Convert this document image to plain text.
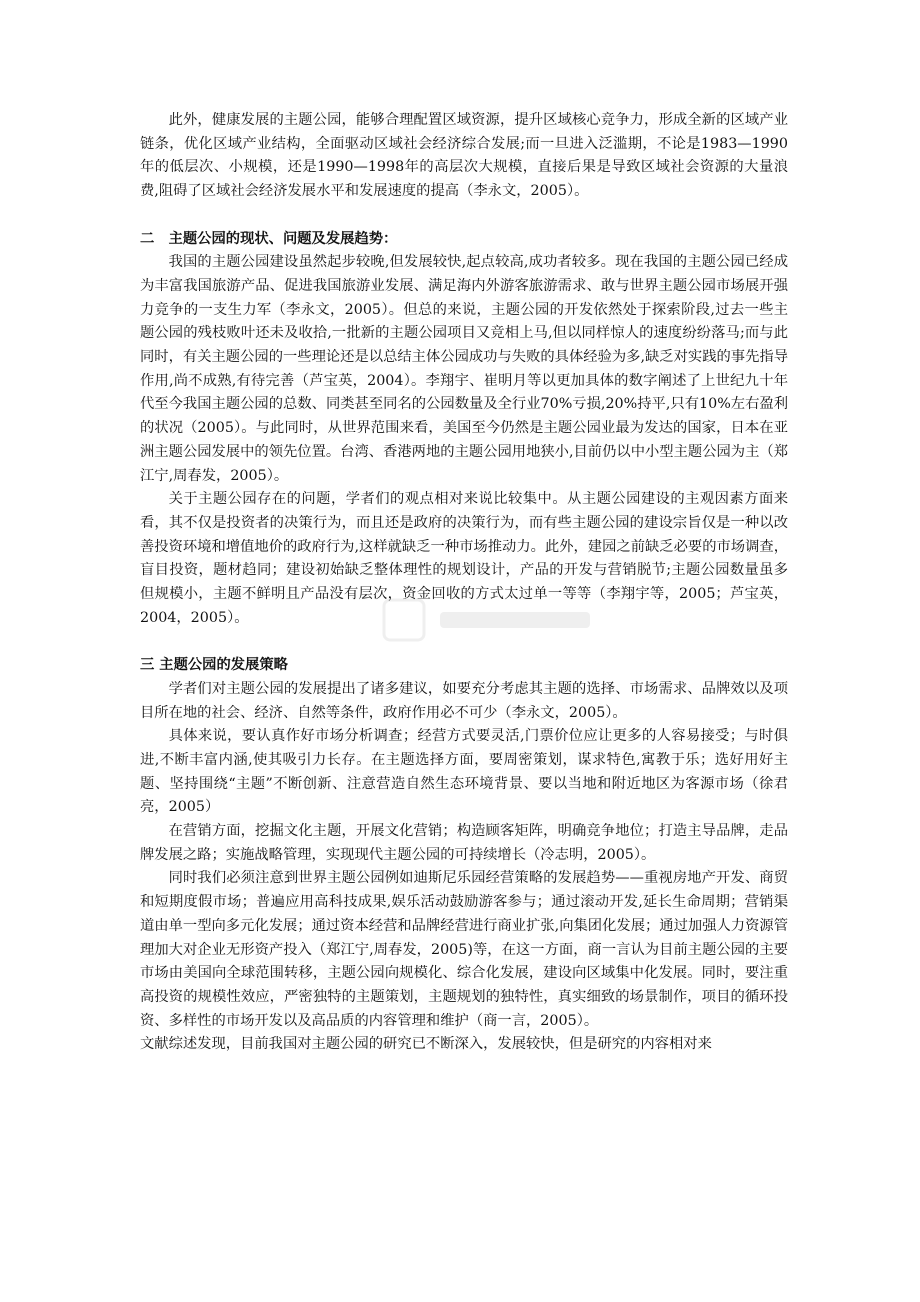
此外，健康发展的主题公园，能够合理配置区域资源，提升区域核心竞争力，形成全新的区域产业链条，优化区域产业结构，全面驱动区域社会经济综合发展;而一旦进入泛滥期，不论是1983—1990年的低层次、小规模，还是1990—1998年的高层次大规模，直接后果是导致区域社会资源的大量浪费,阻碍了区域社会经济发展水平和发展速度的提高（李永文，2005）。

二　主题公园的现状、问题及发展趋势：

我国的主题公园建设虽然起步较晚,但发展较快,起点较高,成功者较多。现在我国的主题公园已经成为丰富我国旅游产品、促进我国旅游业发展、满足海内外游客旅游需求、敢与世界主题公园市场展开强力竞争的一支生力军（李永文，2005）。但总的来说，主题公园的开发依然处于探索阶段,过去一些主题公园的残枝败叶还未及收拾,一批新的主题公园项目又竞相上马,但以同样惊人的速度纷纷落马;而与此同时，有关主题公园的一些理论还是以总结主体公园成功与失败的具体经验为多,缺乏对实践的事先指导作用,尚不成熟,有待完善（芦宝英，2004）。李翔宇、崔明月等以更加具体的数字阐述了上世纪九十年代至今我国主题公园的总数、同类甚至同名的公园数量及全行业70%亏损,20%持平,只有10%左右盈利的状况（2005）。与此同时，从世界范围来看，美国至今仍然是主题公园业最为发达的国家，日本在亚洲主题公园发展中的领先位置。台湾、香港两地的主题公园用地狭小,目前仍以中小型主题公园为主（郑江宁,周春发，2005）。

关于主题公园存在的问题，学者们的观点相对来说比较集中。从主题公园建设的主观因素方面来看，其不仅是投资者的决策行为，而且还是政府的决策行为，而有些主题公园的建设宗旨仅是一种以改善投资环境和增值地价的政府行为,这样就缺乏一种市场推动力。此外，建园之前缺乏必要的市场调查，盲目投资，题材趋同；建设初始缺乏整体理性的规划设计，产品的开发与营销脱节;主题公园数量虽多但规模小，主题不鲜明且产品没有层次，资金回收的方式太过单一等等（李翔宇等，2005；芦宝英，2004，2005）。

三 主题公园的发展策略

学者们对主题公园的发展提出了诸多建议，如要充分考虑其主题的选择、市场需求、品牌效以及项目所在地的社会、经济、自然等条件，政府作用必不可少（李永文，2005）。

具体来说，要认真作好市场分析调查；经营方式要灵活,门票价位应让更多的人容易接受；与时俱进,不断丰富内涵,使其吸引力长存。在主题选择方面，要周密策划，谋求特色,寓教于乐；选好用好主题、坚持围绕“主题”不断创新、注意营造自然生态环境背景、要以当地和附近地区为客源市场（徐君亮，2005）

在营销方面，挖掘文化主题，开展文化营销；构造顾客矩阵，明确竞争地位；打造主导品牌，走品牌发展之路；实施战略管理，实现现代主题公园的可持续增长（冷志明，2005）。

同时我们必须注意到世界主题公园例如迪斯尼乐园经营策略的发展趋势——重视房地产开发、商贸和短期度假市场；普遍应用高科技成果,娱乐活动鼓励游客参与；通过滚动开发,延长生命周期；营销渠道由单一型向多元化发展；通过资本经营和品牌经营进行商业扩张,向集团化发展；通过加强人力资源管理加大对企业无形资产投入（郑江宁,周春发，2005)等，在这一方面，商一言认为目前主题公园的主要市场由美国向全球范围转移，主题公园向规模化、综合化发展，建设向区域集中化发展。同时，要注重高投资的规模性效应，严密独特的主题策划，主题规划的独特性，真实细致的场景制作，项目的循环投资、多样性的市场开发以及高品质的内容管理和维护（商一言，2005）。

文献综述发现，目前我国对主题公园的研究已不断深入，发展较快，但是研究的内容相对来
